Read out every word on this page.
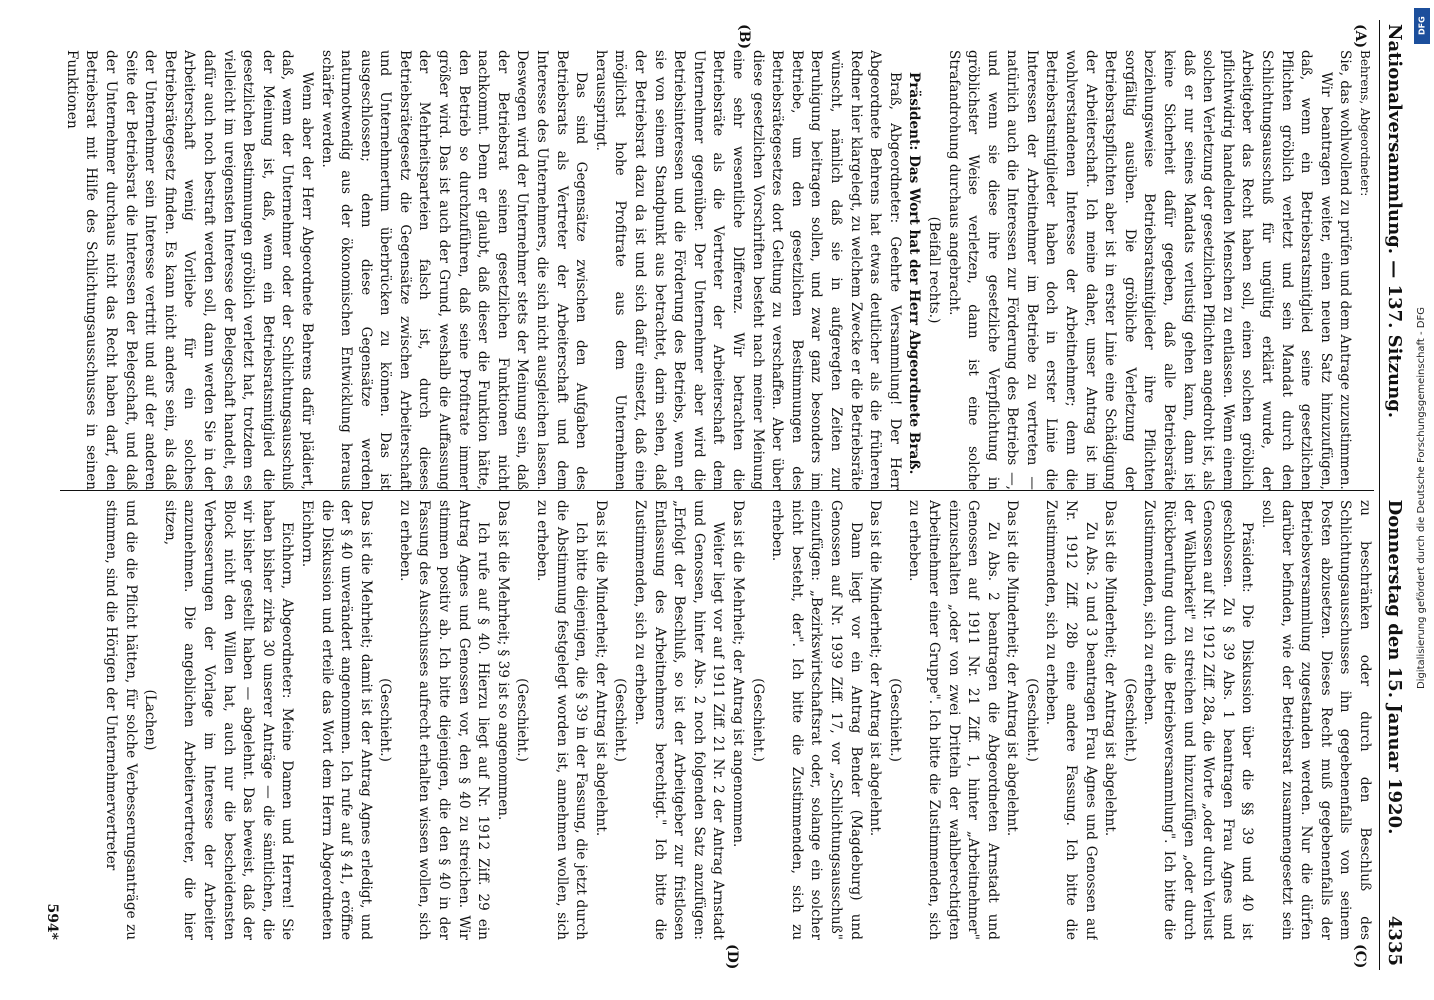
Nationalversammlung. — 137. Sitzung.
Donnerstag den 15. Januar 1920.
4335
(A)
(B)
(C)
(D)

Behrens, Abgeordneter:

Sie, das wohlwollend zu prüfen und dem Antrage zuzustimmen.

Wir beantragen weiter, einen neuen Satz hinzuzufügen, daß, wenn ein Betriebsratsmitglied seine gesetzlichen Pflichten gröblich verletzt und sein Mandat durch den Schlichtungsausschuß für ungültig erklärt wurde, der Arbeitgeber das Recht haben soll, einen solchen gröblich pflichtwidrig handelnden Menschen zu entlassen. Wenn einem solchen Verletzung der gesetzlichen Pflichten angedroht ist, als daß er nur seines Mandats verlustig gehen kann, dann ist keine Sicherheit dafür gegeben, daß alle Betriebsräte beziehungsweise Betriebsratsmitglieder ihre Pflichten sorgfältig ausüben. Die gröbliche Verletzung der Betriebsratspflichten aber ist in erster Linie eine Schädigung der Arbeiterschaft. Ich meine daher, unser Antrag ist im wohlverstandenen Interesse der Arbeitnehmer; denn die Betriebsratsmitglieder haben doch in erster Linie die Interessen der Arbeitnehmer im Betriebe zu vertreten — natürlich auch die Interessen zur Förderung des Betriebs —, und wenn sie diese ihre gesetzliche Verpflichtung in gröblichster Weise verletzen, dann ist eine solche Strafandrohung durchaus angebracht.

(Beifall rechts.)

Präsident: Das Wort hat der Herr Abgeordnete Braß.

Braß, Abgeordneter: Geehrte Versammlung! Der Herr Abgeordnete Behrens hat etwas deutlicher als die früheren Redner hier klargelegt, zu welchem Zwecke er die Betriebsräte wünscht, nämlich daß sie in aufgeregten Zeiten zur Beruhigung beitragen sollen, und zwar ganz besonders im Betriebe, um den gesetzlichen Bestimmungen des Betriebsrätegesetzes dort Geltung zu verschaffen. Aber über diese gesetzlichen Vorschriften besteht nach meiner Meinung eine sehr wesentliche Differenz. Wir betrachten die Betriebsräte als die Vertreter der Arbeiterschaft dem Unternehmer gegenüber. Der Unternehmer aber wird die Betriebsinteressen und die Förderung des Betriebs, wenn er sie von seinem Standpunkt aus betrachtet, darin sehen, daß der Betriebsrat dazu da ist und sich dafür einsetzt, daß eine möglichst hohe Profitrate aus dem Unternehmen herausspringt.

Das sind Gegensätze zwischen den Aufgaben des Betriebsrats als Vertreter der Arbeiterschaft und dem Interesse des Unternehmers, die sich nicht ausgleichen lassen. Deswegen wird der Unternehmer stets der Meinung sein, daß der Betriebsrat seinen gesetzlichen Funktionen nicht nachkommt. Denn er glaubt, daß dieser die Funktion hätte, den Betrieb so durchzuführen, daß seine Profitrate immer größer wird. Das ist auch der Grund, weshalb die Auffassung der Mehrheitsparteien falsch ist, durch dieses Betriebsrätegesetz die Gegensätze zwischen Arbeiterschaft und Unternehmertum überbrücken zu können. Das ist ausgeschlossen; denn diese Gegensätze werden naturnotwendig aus der ökonomischen Entwicklung heraus schärfer werden.

Wenn aber der Herr Abgeordnete Behrens dafür plädiert, daß, wenn der Unternehmer oder der Schlichtungsausschuß der Meinung ist, daß, wenn ein Betriebsratsmitglied die gesetzlichen Bestimmungen gröblich verletzt hat, trotzdem es vielleicht im ureigensten Interesse der Belegschaft handelt, es dafür auch noch bestraft werden soll, dann werden Sie in der Arbeiterschaft wenig Vorliebe für ein solches Betriebsrätegesetz finden. Es kann nicht anders sein, als daß der Unternehmer sein Interesse vertritt und auf der anderen Seite der Betriebsrat die Interessen der Belegschaft, und daß der Unternehmer durchaus nicht das Recht haben darf, den Betriebsrat mit Hilfe des Schlichtungsausschusses in seinen Funktionen

zu beschränken oder durch den Beschluß des Schlichtungsausschusses ihn gegebenenfalls von seinem Posten abzusetzen. Dieses Recht muß gegebenenfalls der Betriebsversammlung zugestanden werden. Nur die dürfen darüber befinden, wie der Betriebsrat zusammengesetzt sein soll.

Präsident: Die Diskussion über die §§ 39 und 40 ist geschlossen. Zu § 39 Abs. 1 beantragen Frau Agnes und Genossen auf Nr. 1912 Ziff. 28a, die Worte „oder durch Verlust der Wählbarkeit" zu streichen und hinzuzufügen „oder durch Rückberufung durch die Betriebsversammlung". Ich bitte die Zustimmenden, sich zu erheben.

(Geschieht.)

Das ist die Minderheit; der Antrag ist abgelehnt.

Zu Abs. 2 und 3 beantragen Frau Agnes und Genossen auf Nr. 1912 Ziff. 28b eine andere Fassung. Ich bitte die Zustimmenden, sich zu erheben.

(Geschieht.)

Das ist die Minderheit; der Antrag ist abgelehnt.

Zu Abs. 2 beantragen die Abgeordneten Arnstadt und Genossen auf 1911 Nr. 21 Ziff. 1, hinter „Arbeitnehmer" einzuschalten „oder von zwei Dritteln der wahlberechtigten Arbeitnehmer einer Gruppe". Ich bitte die Zustimmenden, sich zu erheben.

(Geschieht.)

Das ist die Minderheit; der Antrag ist abgelehnt.

Dann liegt vor ein Antrag Bender (Magdeburg) und Genossen auf Nr. 1939 Ziff. 17, vor „Schlichtungsausschuß" einzufügen: „Bezirkswirtschaftsrat oder, solange ein solcher nicht besteht, der". Ich bitte die Zustimmenden, sich zu erheben.

(Geschieht.)

Das ist die Mehrheit; der Antrag ist angenommen.

Weiter liegt vor auf 1911 Ziff. 21 Nr. 2 der Antrag Arnstadt und Genossen, hinter Abs. 2 noch folgenden Satz anzufügen: „Erfolgt der Beschluß, so ist der Arbeitgeber zur fristlosen Entlassung des Arbeitnehmers berechtigt." Ich bitte die Zustimmenden, sich zu erheben.

(Geschieht.)

Das ist die Minderheit; der Antrag ist abgelehnt.

Ich bitte diejenigen, die § 39 in der Fassung, die jetzt durch die Abstimmung festgelegt worden ist, annehmen wollen, sich zu erheben.

(Geschieht.)

Das ist die Mehrheit; § 39 ist so angenommen.

Ich rufe auf § 40. Hierzu liegt auf Nr. 1912 Ziff. 29 ein Antrag Agnes und Genossen vor, den § 40 zu streichen. Wir stimmen positiv ab. Ich bitte diejenigen, die den § 40 in der Fassung des Ausschusses aufrecht erhalten wissen wollen, sich zu erheben.

(Geschieht.)

Das ist die Mehrheit; damit ist der Antrag Agnes erledigt, und der § 40 unverändert angenommen. Ich rufe auf § 41, eröffne die Diskussion und erteile das Wort dem Herrn Abgeordneten Eichhorn.

Eichhorn, Abgeordneter: Meine Damen und Herren! Sie haben bisher zirka 30 unserer Anträge — die sämtlichen, die wir bisher gestellt haben — abgelehnt. Das beweist, daß der Block nicht den Willen hat, auch nur die bescheidensten Verbesserungen der Vorlage im Interesse der Arbeiter anzunehmen. Die angeblichen Arbeitervertreter, die hier sitzen,

(Lachen)

und die die Pflicht hätten, für solche Verbesserungsanträge zu stimmen, sind die Hörigen der Unternehmervertreter

594*
Digitalisierung gefördert durch die Deutsche Forschungsgemeinschaft - DFG
DFG
